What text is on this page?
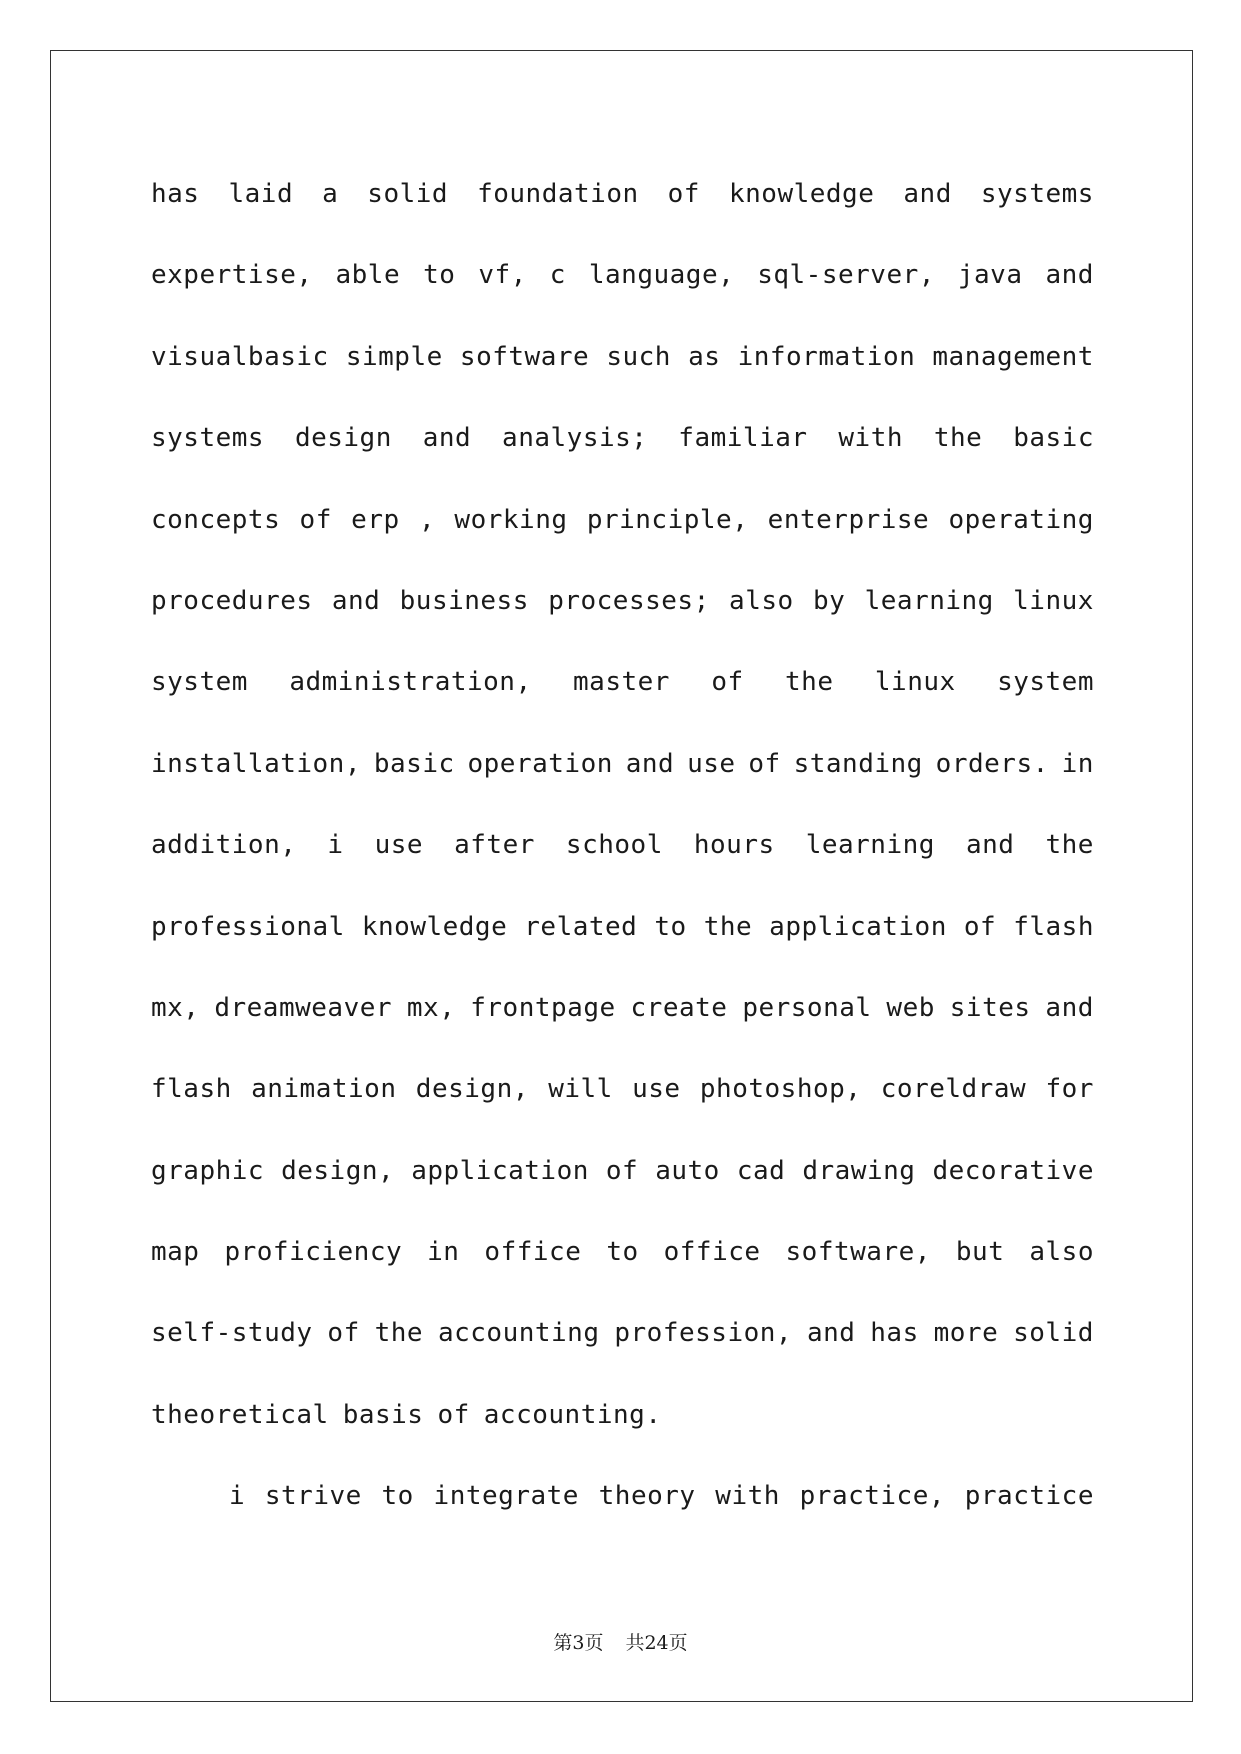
has laid a solid foundation of knowledge and systems
expertise, able to vf, c language, sql-server, java and
visualbasic simple software such as information management
systems design and analysis; familiar with the basic
concepts of erp , working principle, enterprise operating
procedures and business processes; also by learning linux
system administration, master of the linux system
installation, basic operation and use of standing orders. in
addition, i use after school hours learning and the
professional knowledge related to the application of flash
mx, dreamweaver mx, frontpage create personal web sites and
flash animation design, will use photoshop, coreldraw for
graphic design, application of auto cad drawing decorative
map proficiency in office to office software, but also
self-study of the accounting profession, and has more solid
theoretical basis of accounting.
i strive to integrate theory with practice, practice
第3页 共24页
